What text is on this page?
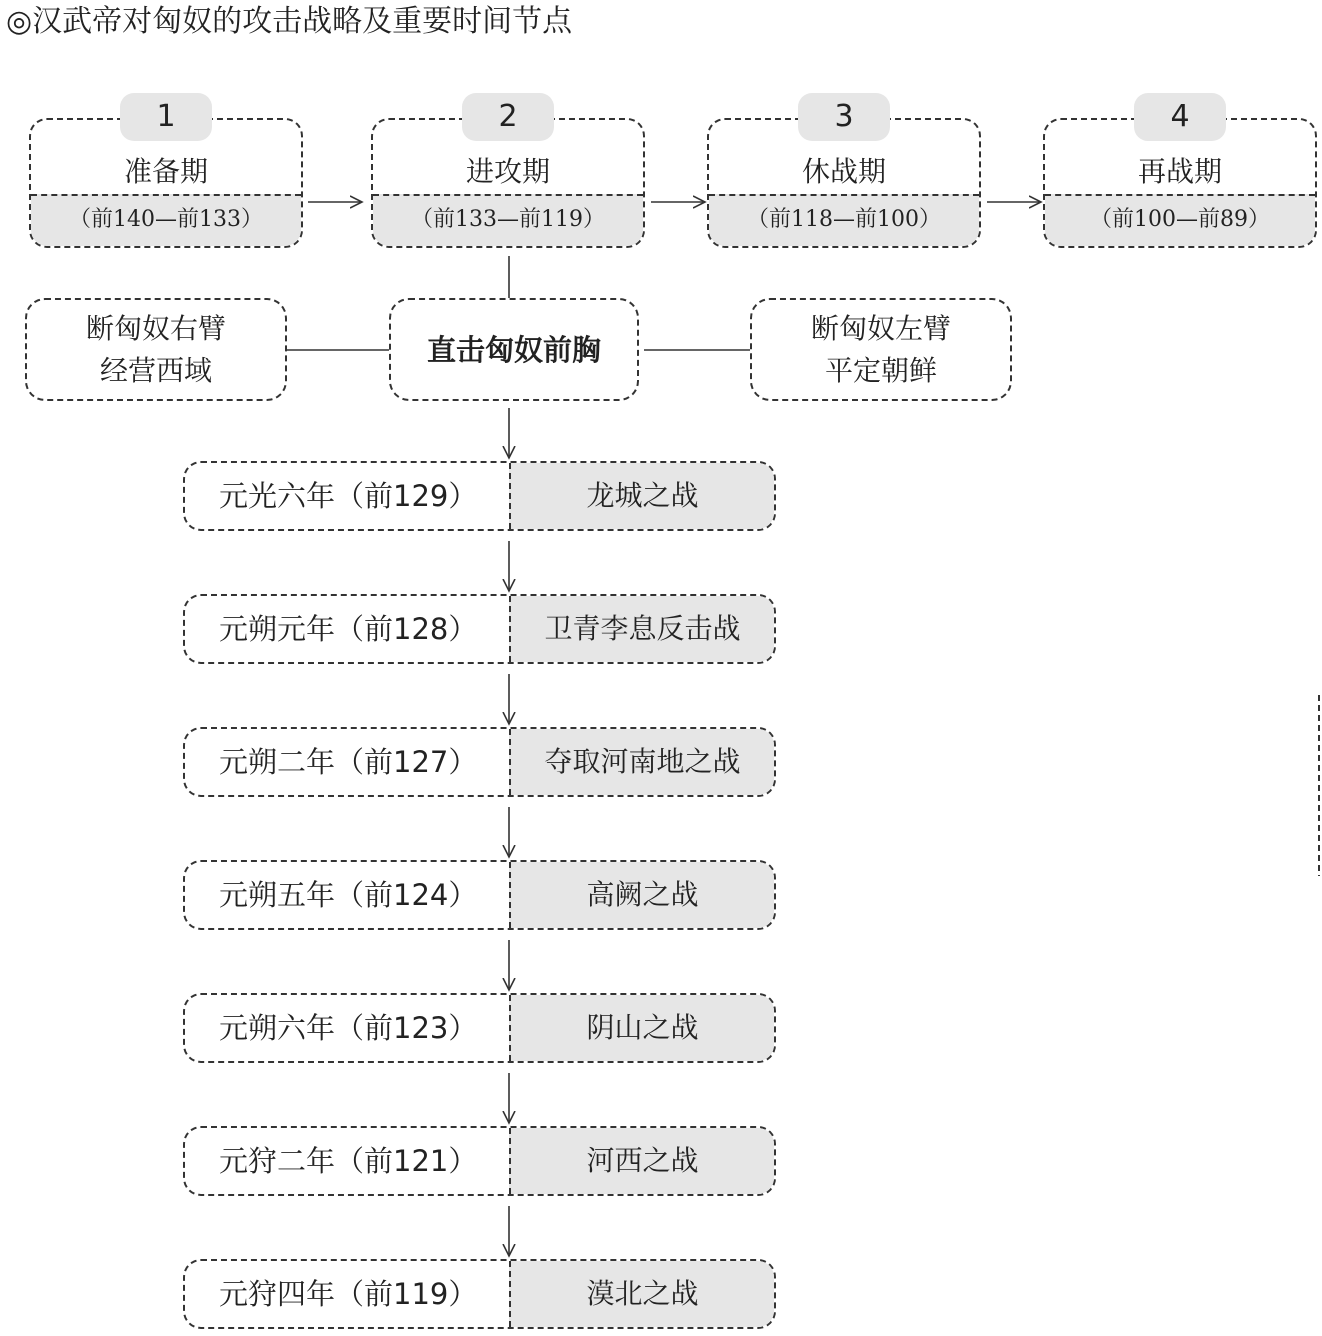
◎汉武帝对匈奴的攻击战略及重要时间节点
准备期
（前140—前133）
1
进攻期
（前133—前119）
2
休战期
（前118—前100）
3
再战期
（前100—前89）
4
断匈奴右臂
经营西域
直击匈奴前胸
断匈奴左臂
平定朝鲜
元光六年（前129）	龙城之战
元朔元年（前128）	卫青李息反击战
元朔二年（前127）	夺取河南地之战
元朔五年（前124）	高阙之战
元朔六年（前123）	阴山之战
元狩二年（前121）	河西之战
元狩四年（前119）	漠北之战
